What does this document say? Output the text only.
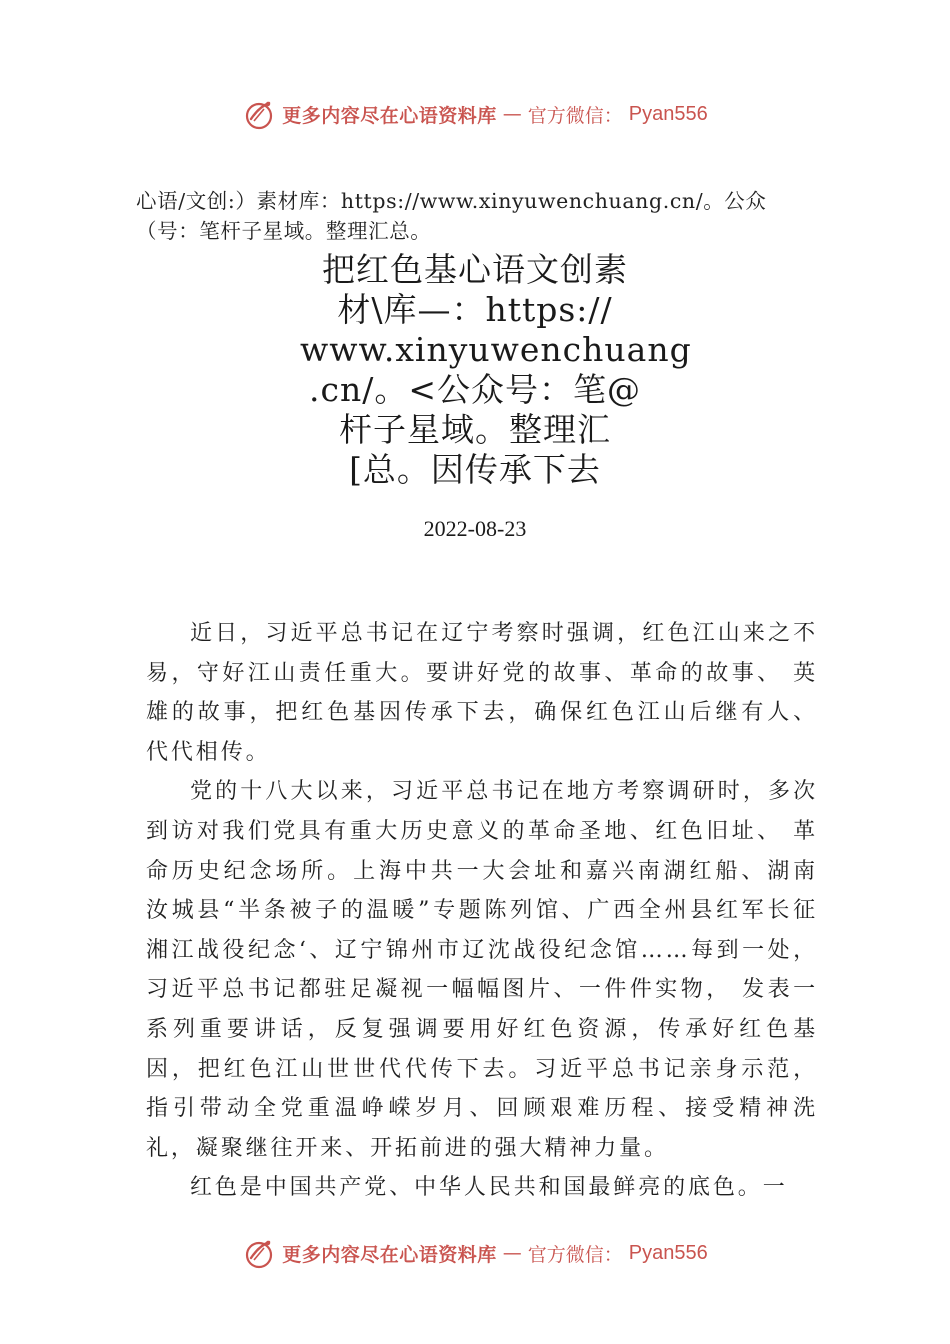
更多内容尽在心语资料库 — 官方微信： Pyan556
心语/文创:）素材库：https://www.xinyuwenchuang.cn/。公众（号：笔杆子星域。整理汇总。
把红色基心语文创素
材\库—：https://
www.xinyuwenchuang
.cn/。<公众号：笔@
杆子星域。整理汇
[总。因传承下去
2022-08-23

近日，习近平总书记在辽宁考察时强调，红色江山来之不易，守好江山责任重大。要讲好党的故事、革命的故事、 英雄的故事，把红色基因传承下去，确保红色江山后继有人、代代相传。

党的十八大以来，习近平总书记在地方考察调研时，多次到访对我们党具有重大历史意义的革命圣地、红色旧址、 革命历史纪念场所。上海中共一大会址和嘉兴南湖红船、湖南汝城县“半条被子的温暖”专题陈列馆、广西全州县红军长征湘江战役纪念‘、辽宁锦州市辽沈战役纪念馆……每到一处，习近平总书记都驻足凝视一幅幅图片、一件件实物， 发表一系列重要讲话，反复强调要用好红色资源，传承好红色基因，把红色江山世世代代传下去。习近平总书记亲身示范，指引带动全党重温峥嵘岁月、回顾艰难历程、接受精神洗礼，凝聚继往开来、开拓前进的强大精神力量。

红色是中国共产党、中华人民共和国最鲜亮的底色。一

更多内容尽在心语资料库 — 官方微信： Pyan556
